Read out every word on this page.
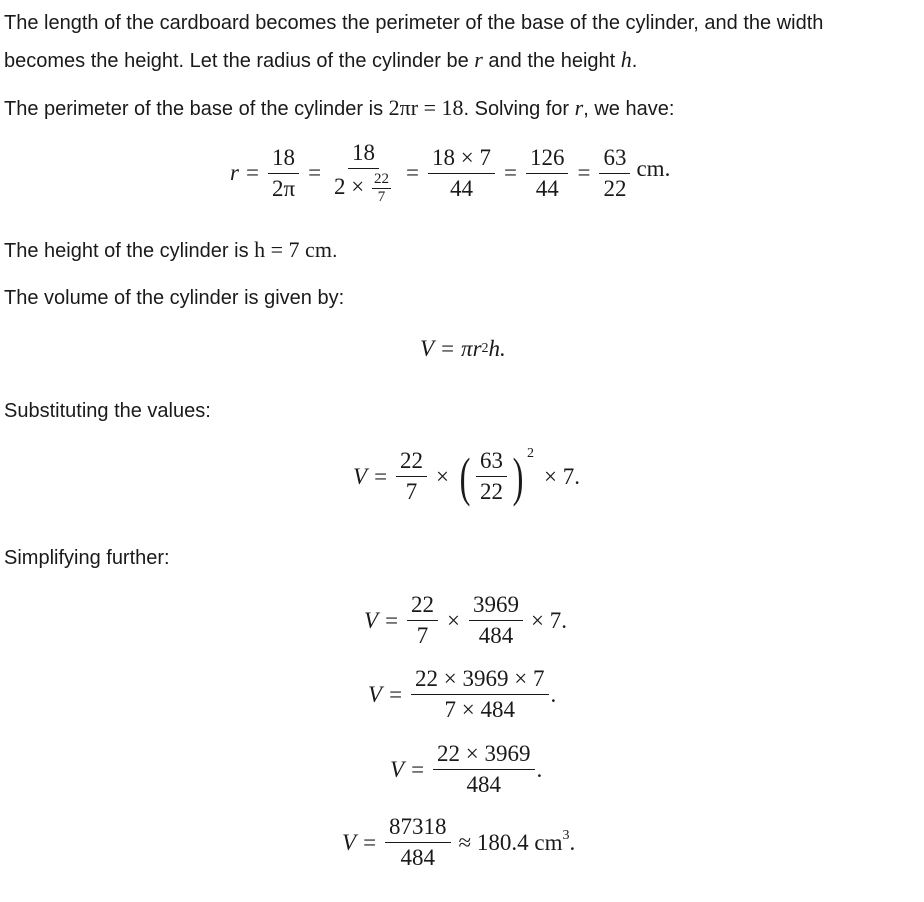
The length of the cardboard becomes the perimeter of the base of the cylinder, and the width

becomes the height. Let the radius of the cylinder be r and the height h.

The perimeter of the base of the cylinder is 2πr = 18. Solving for r, we have:

$r = \frac{18}{2\pi} = \frac{18}{2 \times \frac{22}{7}} = \frac{18 \times 7}{44} = \frac{126}{44} = \frac{63}{22}$ cm.

The height of the cylinder is h = 7 cm.

The volume of the cylinder is given by:

V = πr 2 h.

Substituting the values:

$V = \frac{22}{7}$ × ( $\frac{63}{22}$ ) $^2$
× 7.

Simplifying further:

$V = \frac{22}{7} \times \frac{3969}{484} \times 7$.
$V = \frac{22 \times 3969 \times 7}{7 \times 484}$ .
$V = \frac{22 \times 3969}{484}$ .
$V = \frac{87318}{484} \approx 180.4$ $cm^3$ .
